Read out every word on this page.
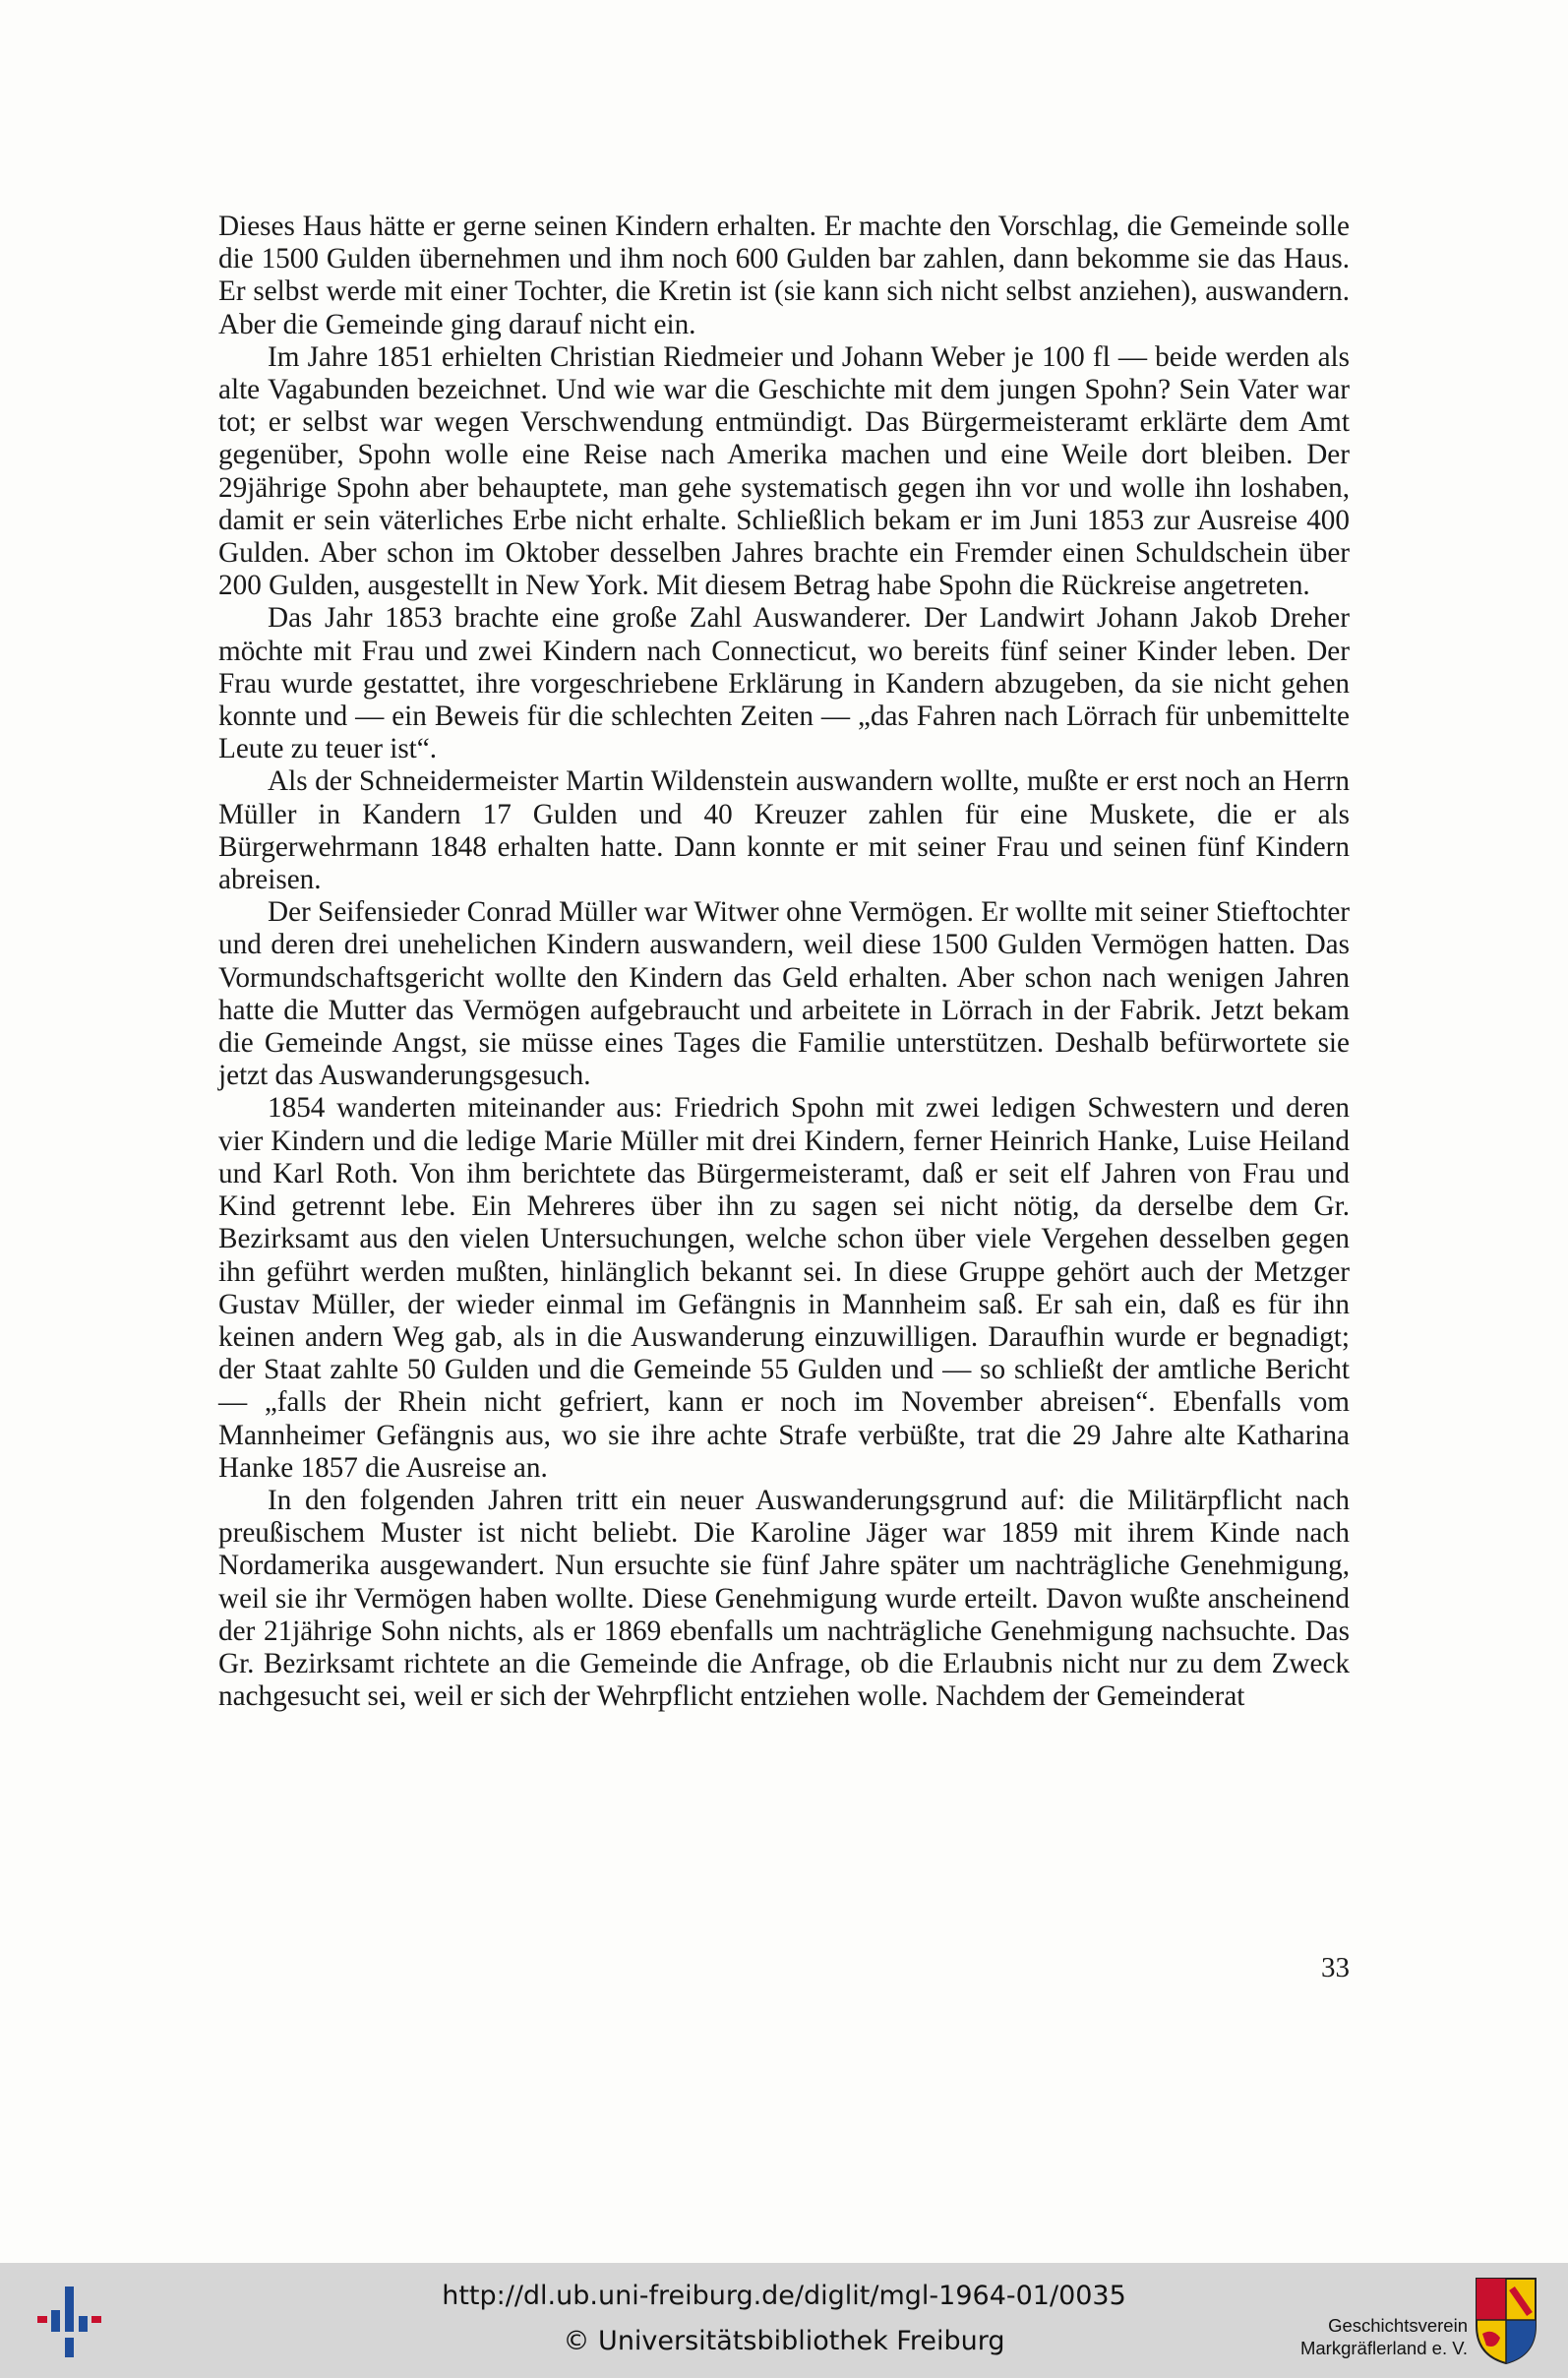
Dieses Haus hätte er gerne seinen Kindern erhalten. Er machte den Vorschlag, die Gemeinde solle die 1500 Gulden übernehmen und ihm noch 600 Gulden bar zahlen, dann bekomme sie das Haus. Er selbst werde mit einer Tochter, die Kretin ist (sie kann sich nicht selbst anziehen), auswandern. Aber die Gemeinde ging darauf nicht ein.

Im Jahre 1851 erhielten Christian Riedmeier und Johann Weber je 100 fl — beide werden als alte Vagabunden bezeichnet. Und wie war die Geschichte mit dem jungen Spohn? Sein Vater war tot; er selbst war wegen Verschwendung entmündigt. Das Bürgermeisteramt erklärte dem Amt gegenüber, Spohn wolle eine Reise nach Amerika machen und eine Weile dort bleiben. Der 29jährige Spohn aber behauptete, man gehe systematisch gegen ihn vor und wolle ihn loshaben, damit er sein väterliches Erbe nicht erhalte. Schließlich bekam er im Juni 1853 zur Ausreise 400 Gulden. Aber schon im Oktober desselben Jahres brachte ein Fremder einen Schuldschein über 200 Gulden, ausgestellt in New York. Mit diesem Betrag habe Spohn die Rückreise angetreten.

Das Jahr 1853 brachte eine große Zahl Auswanderer. Der Landwirt Johann Jakob Dreher möchte mit Frau und zwei Kindern nach Connecticut, wo bereits fünf seiner Kinder leben. Der Frau wurde gestattet, ihre vorgeschriebene Erklärung in Kandern abzugeben, da sie nicht gehen konnte und — ein Beweis für die schlechten Zeiten — „das Fahren nach Lörrach für unbemittelte Leute zu teuer ist“.

Als der Schneidermeister Martin Wildenstein auswandern wollte, mußte er erst noch an Herrn Müller in Kandern 17 Gulden und 40 Kreuzer zahlen für eine Muskete, die er als Bürgerwehrmann 1848 erhalten hatte. Dann konnte er mit seiner Frau und seinen fünf Kindern abreisen.

Der Seifensieder Conrad Müller war Witwer ohne Vermögen. Er wollte mit seiner Stieftochter und deren drei unehelichen Kindern auswandern, weil diese 1500 Gulden Vermögen hatten. Das Vormundschaftsgericht wollte den Kindern das Geld erhalten. Aber schon nach wenigen Jahren hatte die Mutter das Vermögen aufgebraucht und arbeitete in Lörrach in der Fabrik. Jetzt bekam die Gemeinde Angst, sie müsse eines Tages die Familie unterstützen. Deshalb befürwortete sie jetzt das Auswanderungsgesuch.

1854 wanderten miteinander aus: Friedrich Spohn mit zwei ledigen Schwestern und deren vier Kindern und die ledige Marie Müller mit drei Kindern, ferner Heinrich Hanke, Luise Heiland und Karl Roth. Von ihm berichtete das Bürgermeisteramt, daß er seit elf Jahren von Frau und Kind getrennt lebe. Ein Mehreres über ihn zu sagen sei nicht nötig, da derselbe dem Gr. Bezirksamt aus den vielen Untersuchungen, welche schon über viele Vergehen desselben gegen ihn geführt werden mußten, hinlänglich bekannt sei. In diese Gruppe gehört auch der Metzger Gustav Müller, der wieder einmal im Gefängnis in Mannheim saß. Er sah ein, daß es für ihn keinen andern Weg gab, als in die Auswanderung einzuwilligen. Daraufhin wurde er begnadigt; der Staat zahlte 50 Gulden und die Gemeinde 55 Gulden und — so schließt der amtliche Bericht — „falls der Rhein nicht gefriert, kann er noch im November abreisen“. Ebenfalls vom Mannheimer Gefängnis aus, wo sie ihre achte Strafe verbüßte, trat die 29 Jahre alte Katharina Hanke 1857 die Ausreise an.

In den folgenden Jahren tritt ein neuer Auswanderungsgrund auf: die Militärpflicht nach preußischem Muster ist nicht beliebt. Die Karoline Jäger war 1859 mit ihrem Kinde nach Nordamerika ausgewandert. Nun ersuchte sie fünf Jahre später um nachträgliche Genehmigung, weil sie ihr Vermögen haben wollte. Diese Genehmigung wurde erteilt. Davon wußte anscheinend der 21jährige Sohn nichts, als er 1869 ebenfalls um nachträgliche Genehmigung nachsuchte. Das Gr. Bezirksamt richtete an die Gemeinde die Anfrage, ob die Erlaubnis nicht nur zu dem Zweck nachgesucht sei, weil er sich der Wehrpflicht entziehen wolle. Nachdem der Gemeinderat

33
http://dl.ub.uni-freiburg.de/diglit/mgl-1964-01/0035
© Universitätsbibliothek Freiburg
Geschichtsverein
Markgräflerland e. V.
